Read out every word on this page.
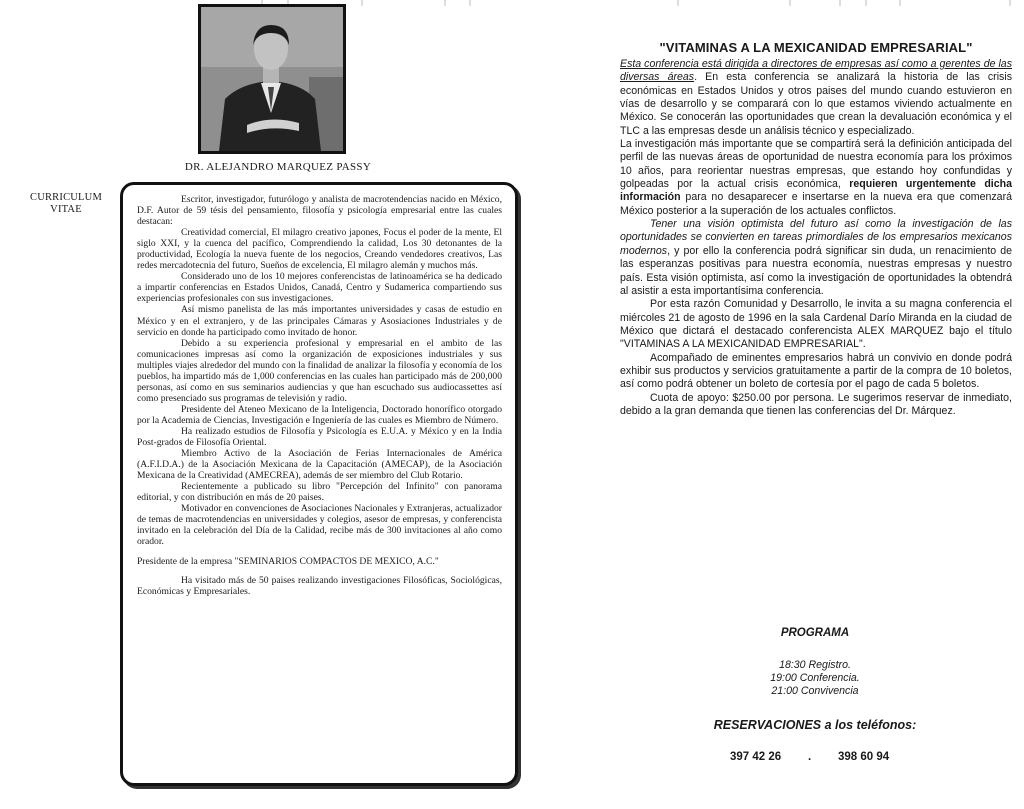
DR. ALEJANDRO MARQUEZ PASSY
CURRICULUM
VITAE

Escritor, investigador, futurólogo y analista de macrotendencias nacido en México, D.F. Autor de 59 tésis del pensamiento, filosofía y psicología empresarial entre las cuales destacan:

Creatividad comercial, El milagro creativo japones, Focus el poder de la mente, El siglo XXI, y la cuenca del pacífico, Comprendiendo la calidad, Los 30 detonantes de la productividad, Ecología la nueva fuente de los negocios, Creando vendedores creativos, Las redes mercadotecnia del futuro, Sueños de excelencia, El milagro alemán y muchos más.

Considerado uno de los 10 mejores conferencistas de latinoamérica se ha dedicado a impartir conferencias en Estados Unidos, Canadá, Centro y Sudamerica compartiendo sus experiencias profesionales con sus investigaciones.

Así mismo panelista de las más importantes universidades y casas de estudio en México y en el extranjero, y de las principales Cámaras y Asosiaciones Industriales y de servicio en donde ha participado como invitado de honor.

Debido a su experiencia profesional y empresarial en el ambito de las comunicaciones impresas así como la organización de exposiciones industriales y sus multiples viajes alrededor del mundo con la finalidad de analizar la filosofía y economía de los pueblos, ha impartido más de 1,000 conferencias en las cuales han participado más de 200,000 personas, así como en sus seminarios audiencias y que han escuchado sus audiocassettes así como presenciado sus programas de televisión y radio.

Presidente del Ateneo Mexicano de la Inteligencia, Doctorado honorífico otorgado por la Academia de Ciencias, Investigación e Ingeniería de las cuales es Miembro de Número.

Ha realizado estudios de Filosofía y Psicología es E.U.A. y México y en la India Post-grados de Filosofía Oriental.

Miembro Activo de la Asociación de Ferias Internacionales de América (A.F.I.D.A.) de la Asociación Mexicana de la Capacitación (AMECAP), de la Asociación Mexicana de la Creatividad (AMECREA), además de ser miembro del Club Rotario.

Recientemente a publicado su libro "Percepción del Infinito" con panorama editorial, y con distribución en más de 20 paises.

Motivador en convenciones de Asociaciones Nacionales y Extranjeras, actualizador de temas de macrotendencias en universidades y colegios, asesor de empresas, y conferencista invitado en la celebración del Día de la Calidad, recibe más de 300 invitaciones al año como orador.

Presidente de la empresa "SEMINARIOS COMPACTOS DE MEXICO, A.C."

Ha visitado más de 50 paises realizando investigaciones Filosóficas, Sociológicas, Económicas y Empresariales.

"VITAMINAS A LA MEXICANIDAD EMPRESARIAL"

Esta conferencia está dirigida a directores de empresas así como a gerentes de las diversas áreas. En esta conferencia se analizará la historia de las crisis económicas en Estados Unidos y otros paises del mundo cuando estuvieron en vías de desarrollo y se comparará con lo que estamos viviendo actualmente en México. Se conocerán las oportunidades que crean la devaluación económica y el TLC a las empresas desde un análisis técnico y especializado.

La investigación más importante que se compartirá será la definición anticipada del perfil de las nuevas áreas de oportunidad de nuestra economía para los próximos 10 años, para reorientar nuestras empresas, que estando hoy confundidas y golpeadas por la actual crisis económica, requieren urgentemente dicha información para no desaparecer e insertarse en la nueva era que comenzará México posterior a la superación de los actuales conflictos.

Tener una visión optimista del futuro así como la investigación de las oportunidades se convierten en tareas primordiales de los empresarios mexicanos modernos, y por ello la conferencia podrá significar sin duda, un renacimiento de las esperanzas positivas para nuestra economía, nuestras empresas y nuestro país. Esta visión optimista, así como la investigación de oportunidades la obtendrá al asistir a esta importantísima conferencia.

Por esta razón Comunidad y Desarrollo, le invita a su magna conferencia el miércoles 21 de agosto de 1996 en la sala Cardenal Darío Miranda en la ciudad de México que dictará el destacado conferencista ALEX MARQUEZ bajo el título "VITAMINAS A LA MEXICANIDAD EMPRESARIAL".

Acompañado de eminentes empresarios habrá un convivio en donde podrá exhibir sus productos y servicios gratuitamente a partir de la compra de 10 boletos, así como podrá obtener un boleto de cortesía por el pago de cada 5 boletos.

Cuota de apoyo: $250.00 por persona. Le sugerimos reservar de inmediato, debido a la gran demanda que tienen las conferencias del Dr. Márquez.

PROGRAMA
18:30 Registro.
19:00 Conferencia.
21:00 Convivencia
RESERVACIONES a los teléfonos:
397 42 26 . 398 60 94
